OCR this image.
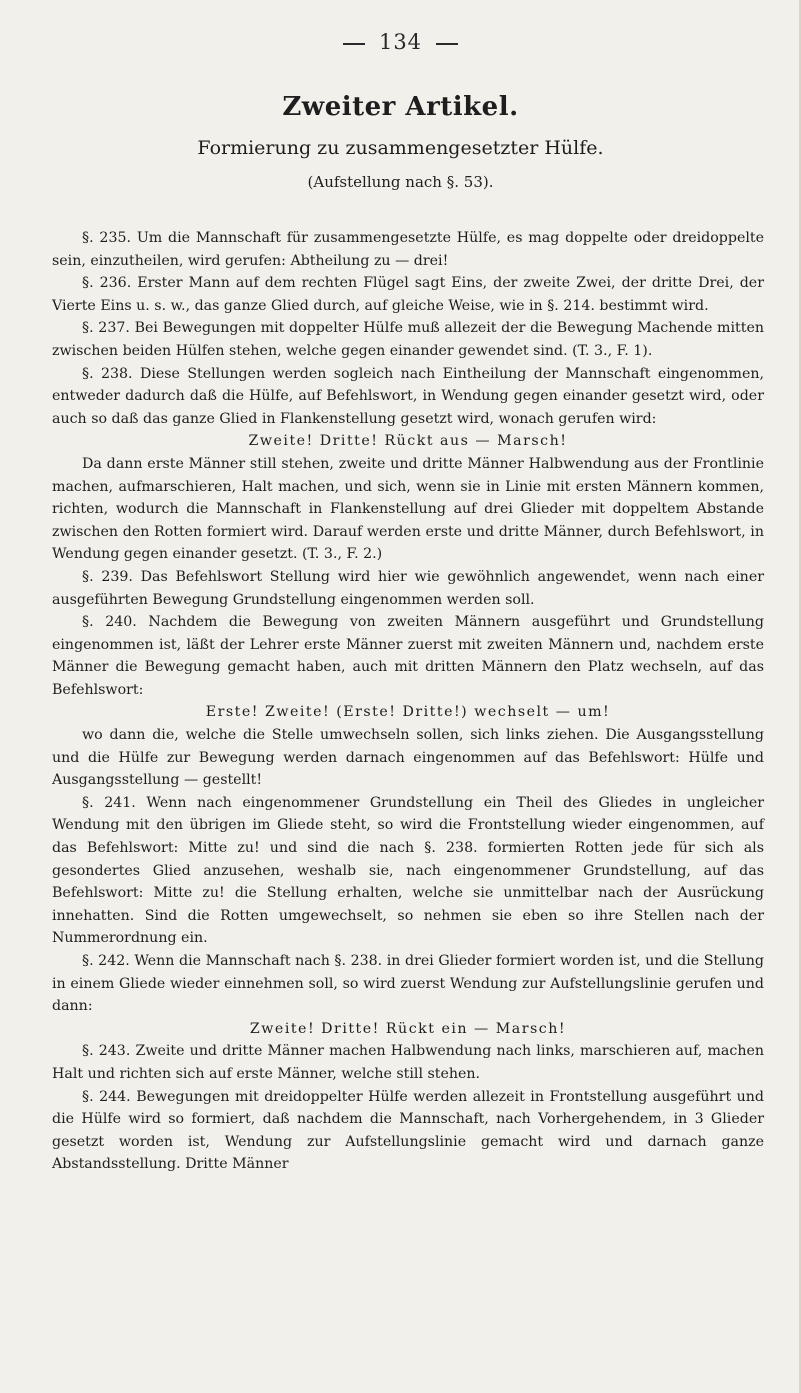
134
Zweiter Artikel.
Formierung zu zusammengesetzter Hülfe.
(Aufstellung nach §. 53).

§. 235. Um die Mannschaft für zusammengesetzte Hülfe, es mag doppelte oder dreidoppelte sein, einzutheilen, wird gerufen: Abtheilung zu — drei!

§. 236. Erster Mann auf dem rechten Flügel sagt Eins, der zweite Zwei, der dritte Drei, der Vierte Eins u. s. w., das ganze Glied durch, auf gleiche Weise, wie in §. 214. bestimmt wird.

§. 237. Bei Bewegungen mit doppelter Hülfe muß allezeit der die Bewegung Machende mitten zwischen beiden Hülfen stehen, welche gegen einander gewendet sind. (T. 3., F. 1).

§. 238. Diese Stellungen werden sogleich nach Eintheilung der Mannschaft eingenommen, entweder dadurch daß die Hülfe, auf Befehlswort, in Wendung gegen einander gesetzt wird, oder auch so daß das ganze Glied in Flankenstellung gesetzt wird, wonach gerufen wird:

Zweite! Dritte! Rückt aus — Marsch!

Da dann erste Männer still stehen, zweite und dritte Männer Halbwendung aus der Frontlinie machen, aufmarschieren, Halt machen, und sich, wenn sie in Linie mit ersten Männern kommen, richten, wodurch die Mannschaft in Flankenstellung auf drei Glieder mit doppeltem Abstande zwischen den Rotten formiert wird. Darauf werden erste und dritte Männer, durch Befehlswort, in Wendung gegen einander gesetzt. (T. 3., F. 2.)

§. 239. Das Befehlswort Stellung wird hier wie gewöhnlich angewendet, wenn nach einer ausgeführten Bewegung Grundstellung eingenommen werden soll.

§. 240. Nachdem die Bewegung von zweiten Männern ausgeführt und Grundstellung eingenommen ist, läßt der Lehrer erste Männer zuerst mit zweiten Männern und, nachdem erste Männer die Bewegung gemacht haben, auch mit dritten Männern den Platz wechseln, auf das Befehlswort:

Erste! Zweite! (Erste! Dritte!) wechselt — um!

wo dann die, welche die Stelle umwechseln sollen, sich links ziehen. Die Ausgangsstellung und die Hülfe zur Bewegung werden darnach eingenommen auf das Befehlswort: Hülfe und Ausgangsstellung — gestellt!

§. 241. Wenn nach eingenommener Grundstellung ein Theil des Gliedes in ungleicher Wendung mit den übrigen im Gliede steht, so wird die Frontstellung wieder eingenommen, auf das Befehlswort: Mitte zu! und sind die nach §. 238. formierten Rotten jede für sich als gesondertes Glied anzusehen, weshalb sie, nach eingenommener Grundstellung, auf das Befehlswort: Mitte zu! die Stellung erhalten, welche sie unmittelbar nach der Ausrückung innehatten. Sind die Rotten umgewechselt, so nehmen sie eben so ihre Stellen nach der Nummerordnung ein.

§. 242. Wenn die Mannschaft nach §. 238. in drei Glieder formiert worden ist, und die Stellung in einem Gliede wieder einnehmen soll, so wird zuerst Wendung zur Aufstellungslinie gerufen und dann:

Zweite! Dritte! Rückt ein — Marsch!

§. 243. Zweite und dritte Männer machen Halbwendung nach links, marschieren auf, machen Halt und richten sich auf erste Männer, welche still stehen.

§. 244. Bewegungen mit dreidoppelter Hülfe werden allezeit in Frontstellung ausgeführt und die Hülfe wird so formiert, daß nachdem die Mannschaft, nach Vorhergehendem, in 3 Glieder gesetzt worden ist, Wendung zur Aufstellungslinie gemacht wird und darnach ganze Abstandsstellung. Dritte Männer
